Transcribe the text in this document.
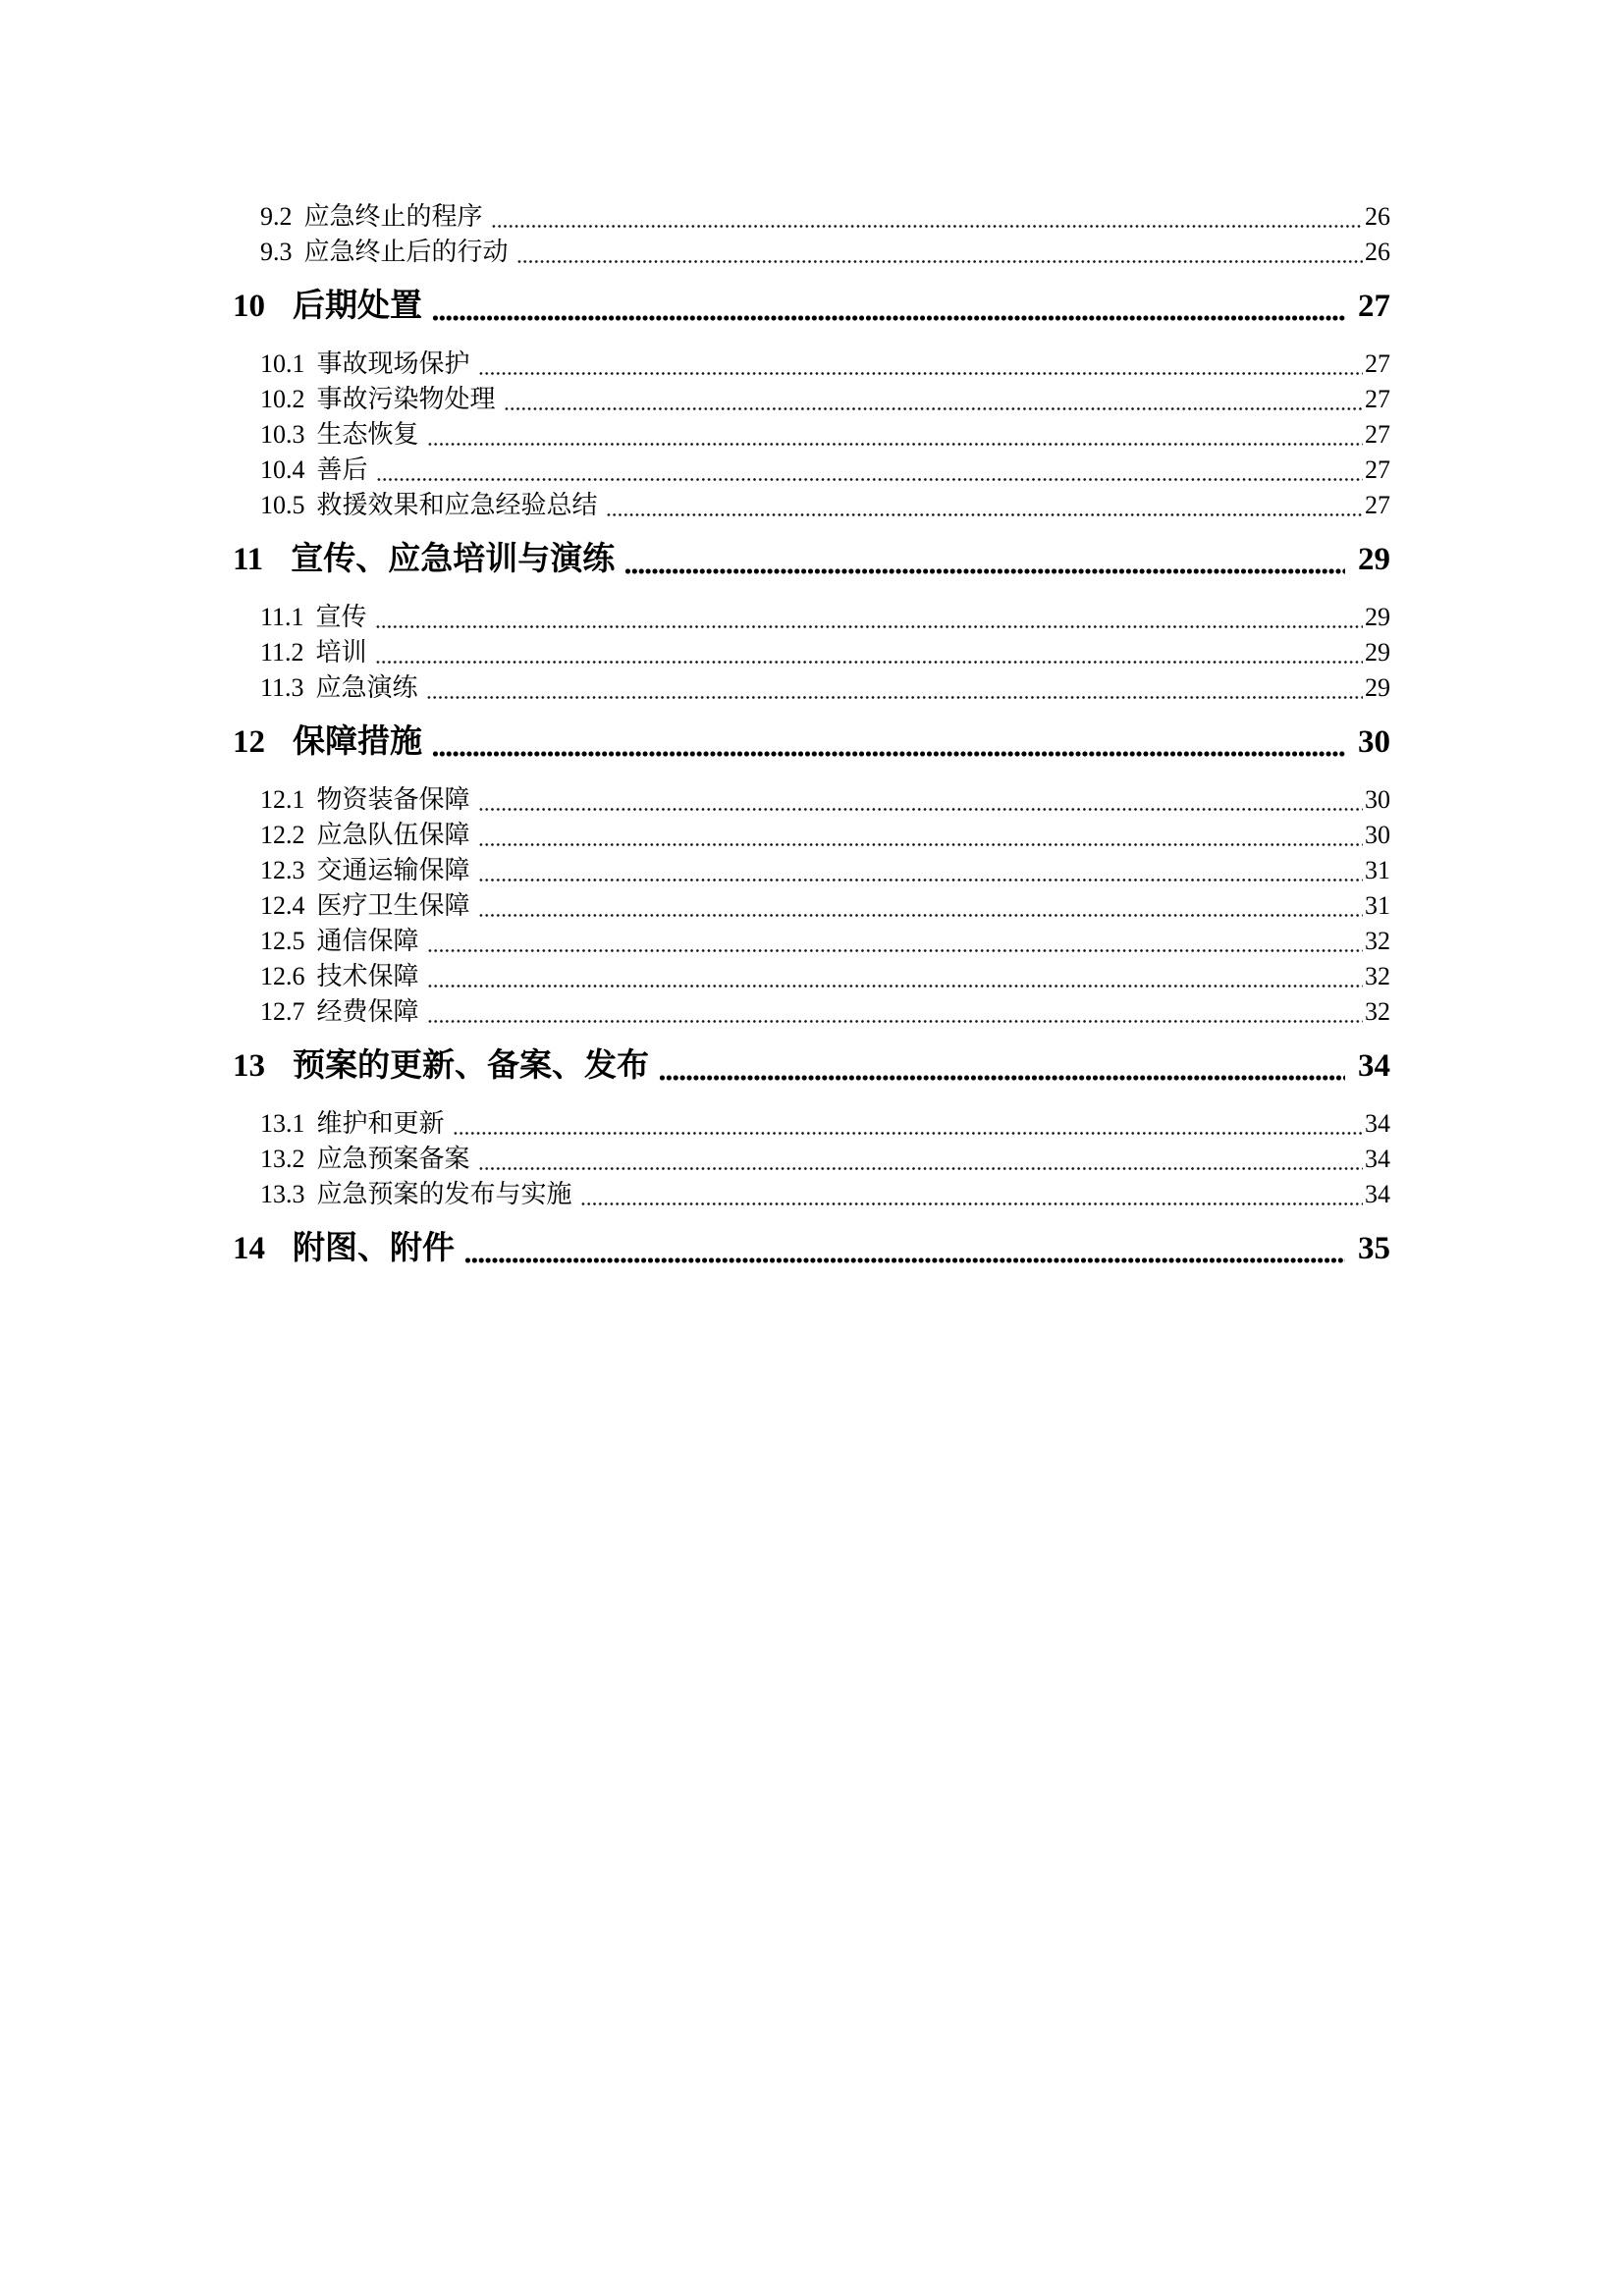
9.2 应急终止的程序	26
9.3 应急终止后的行动	26
10 后期处置	27
10.1 事故现场保护	27
10.2 事故污染物处理	27
10.3 生态恢复	27
10.4 善后	27
10.5 救援效果和应急经验总结	27
11 宣传、应急培训与演练	29
11.1 宣传	29
11.2 培训	29
11.3 应急演练	29
12 保障措施	30
12.1 物资装备保障	30
12.2 应急队伍保障	30
12.3 交通运输保障	31
12.4 医疗卫生保障	31
12.5 通信保障	32
12.6 技术保障	32
12.7 经费保障	32
13 预案的更新、备案、发布	34
13.1 维护和更新	34
13.2 应急预案备案	34
13.3 应急预案的发布与实施	34
14 附图、附件	35
